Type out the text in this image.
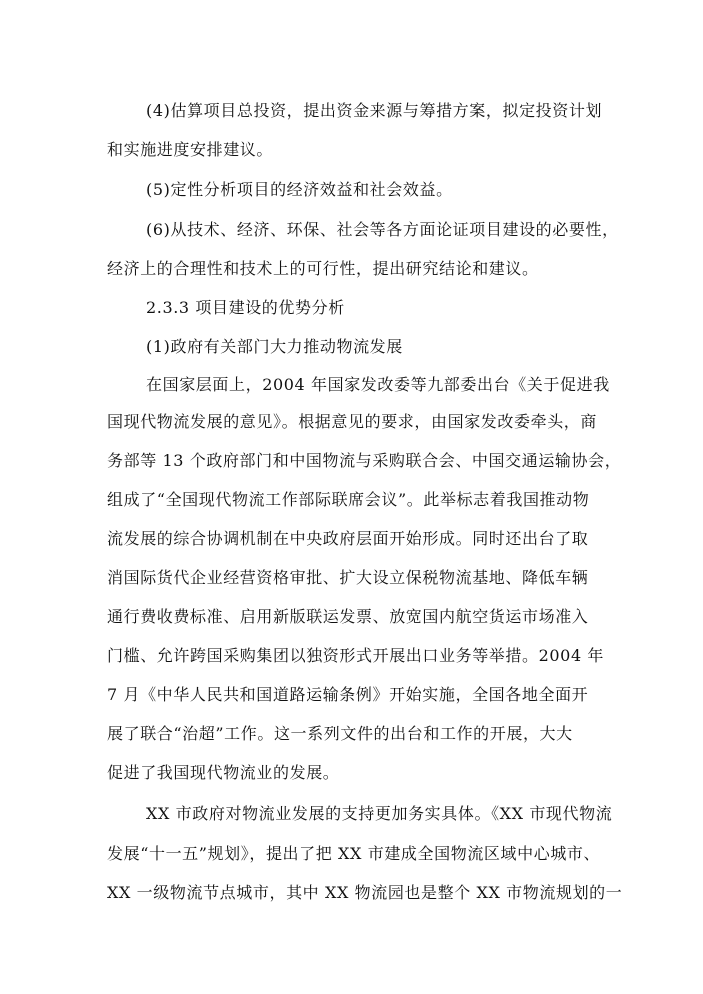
(4)估算项目总投资，提出资金来源与筹措方案，拟定投资计划
和实施进度安排建议。
(5)定性分析项目的经济效益和社会效益。
(6)从技术、经济、环保、社会等各方面论证项目建设的必要性，
经济上的合理性和技术上的可行性，提出研究结论和建议。
2.3.3 项目建设的优势分析
(1)政府有关部门大力推动物流发展
在国家层面上，2004 年国家发改委等九部委出台《关于促进我
国现代物流发展的意见》。根据意见的要求，由国家发改委牵头，商
务部等 13 个政府部门和中国物流与采购联合会、中国交通运输协会，
组成了“全国现代物流工作部际联席会议”。此举标志着我国推动物
流发展的综合协调机制在中央政府层面开始形成。同时还出台了取
消国际货代企业经营资格审批、扩大设立保税物流基地、降低车辆
通行费收费标准、启用新版联运发票、放宽国内航空货运市场准入
门槛、允许跨国采购集团以独资形式开展出口业务等举措。2004 年
7 月《中华人民共和国道路运输条例》开始实施，全国各地全面开
展了联合“治超”工作。这一系列文件的出台和工作的开展，大大
促进了我国现代物流业的发展。
XX 市政府对物流业发展的支持更加务实具体。《XX 市现代物流
发展“十一五”规划》，提出了把 XX 市建成全国物流区域中心城市、
XX 一级物流节点城市，其中 XX 物流园也是整个 XX 市物流规划的一
